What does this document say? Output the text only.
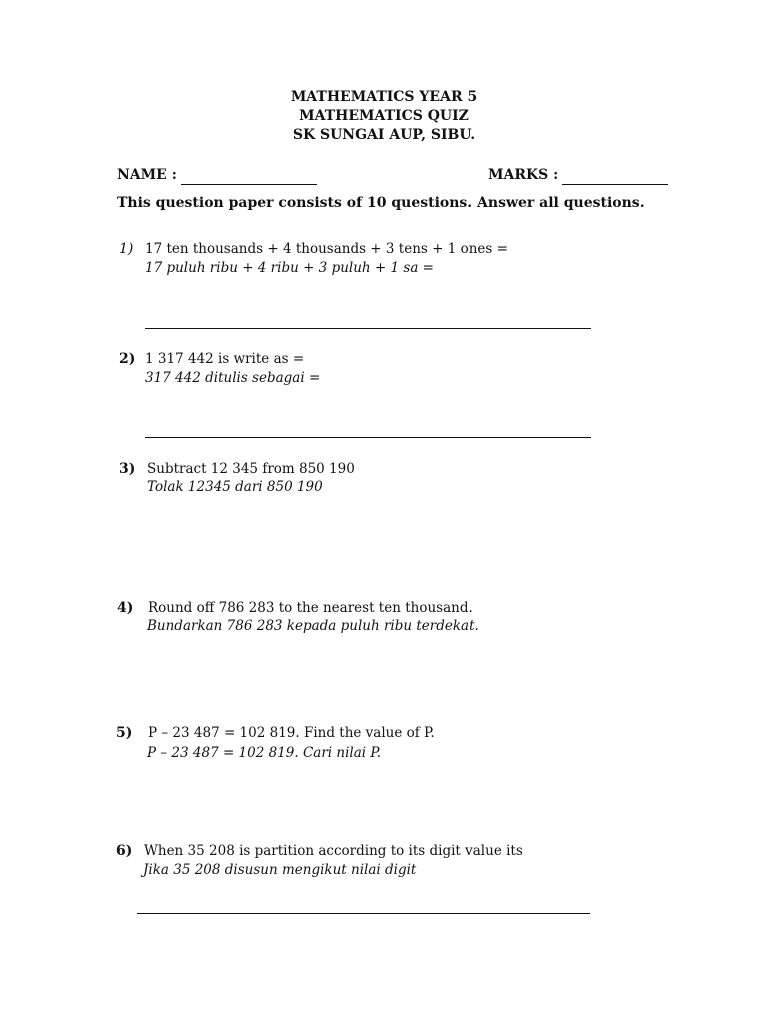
MATHEMATICS YEAR 5
MATHEMATICS QUIZ
SK SUNGAI AUP, SIBU.
NAME :	MARKS :
This question paper consists of 10 questions. Answer all questions.
1) 17 ten thousands + 4 thousands + 3 tens + 1 ones =
17 puluh ribu + 4 ribu + 3 puluh + 1 sa =
2) 1 317 442 is write as =
317 442 ditulis sebagai =
3) Subtract 12 345 from 850 190
Tolak 12345 dari 850 190
4) Round off 786 283 to the nearest ten thousand.
Bundarkan 786 283 kepada puluh ribu terdekat.
5) P – 23 487 = 102 819. Find the value of P.
P – 23 487 = 102 819. Cari nilai P.
6) When 35 208 is partition according to its digit value its
Jika 35 208 disusun mengikut nilai digit
